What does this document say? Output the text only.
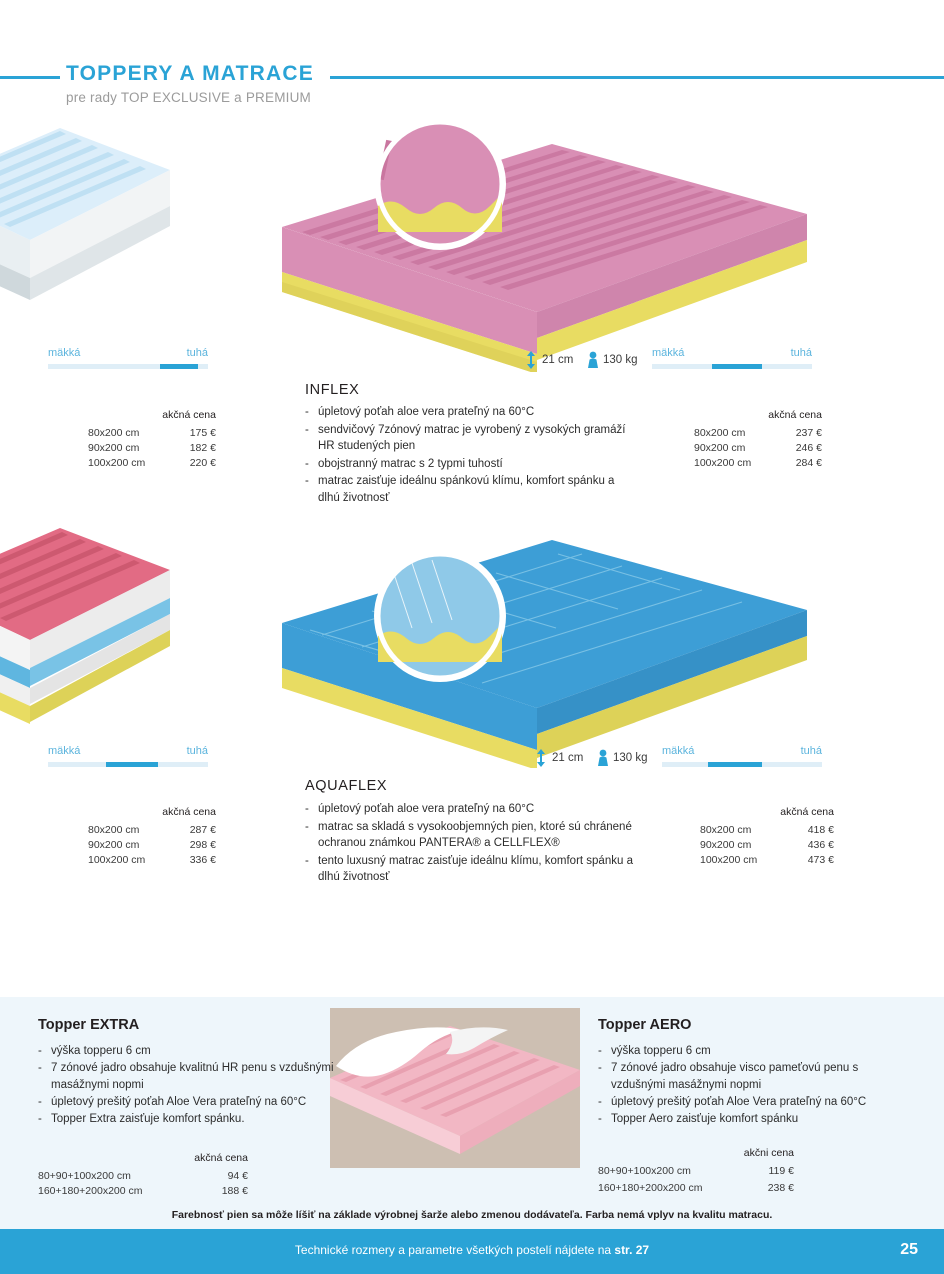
TOPPERY A MATRACE
pre rady TOP EXCLUSIVE a PREMIUM
21 cm	130 kg
mäkká	tuhá	mäkká	tuhá
INFLEX
- úpletový poťah aloe vera prateľný na 60°C
- sendvičový 7zónový matrac je vyrobený z vysokých gramáží HR studených pien
- obojstranný matrac s 2 typmi tuhostí
- matrac zaisťuje ideálnu spánkovú klímu, komfort spánku a dlhú životnosť
akčná cena
80x200 cm	175 €
90x200 cm	182 €
100x200 cm	220 €
akčná cena
80x200 cm	237 €
90x200 cm	246 €
100x200 cm	284 €
21 cm	130 kg
mäkká	tuhá	mäkká	tuhá
AQUAFLEX
- úpletový poťah aloe vera prateľný na 60°C
- matrac sa skladá s vysokoobjemných pien, ktoré sú chránené ochranou známkou PANTERA® a CELLFLEX®
- tento luxusný matrac zaisťuje ideálnu klímu, komfort spánku a dlhú životnosť
akčná cena
80x200 cm	287 €
90x200 cm	298 €
100x200 cm	336 €
akčná cena
80x200 cm	418 €
90x200 cm	436 €
100x200 cm	473 €
Topper EXTRA
- výška topperu 6 cm
- 7 zónové jadro obsahuje kvalitnú HR penu s vzdušnými masážnymi nopmi
- úpletový prešitý poťah Aloe Vera prateľný na 60°C
- Topper Extra zaisťuje komfort spánku.
akčná cena
80+90+100x200 cm	94 €
160+180+200x200 cm	188 €
Topper AERO
- výška topperu 6 cm
- 7 zónové jadro obsahuje visco pameťovú penu s vzdušnými masážnymi nopmi
- úpletový prešitý poťah Aloe Vera prateľný na 60°C
- Topper Aero zaisťuje komfort spánku
akčni cena
80+90+100x200 cm	119 €
160+180+200x200 cm	238 €
Farebnosť pien sa môže líšiť na základe výrobnej šarže alebo zmenou dodávateľa. Farba nemá vplyv na kvalitu matracu.
Technické rozmery a parametre všetkých postelí nájdete na str. 27	25
